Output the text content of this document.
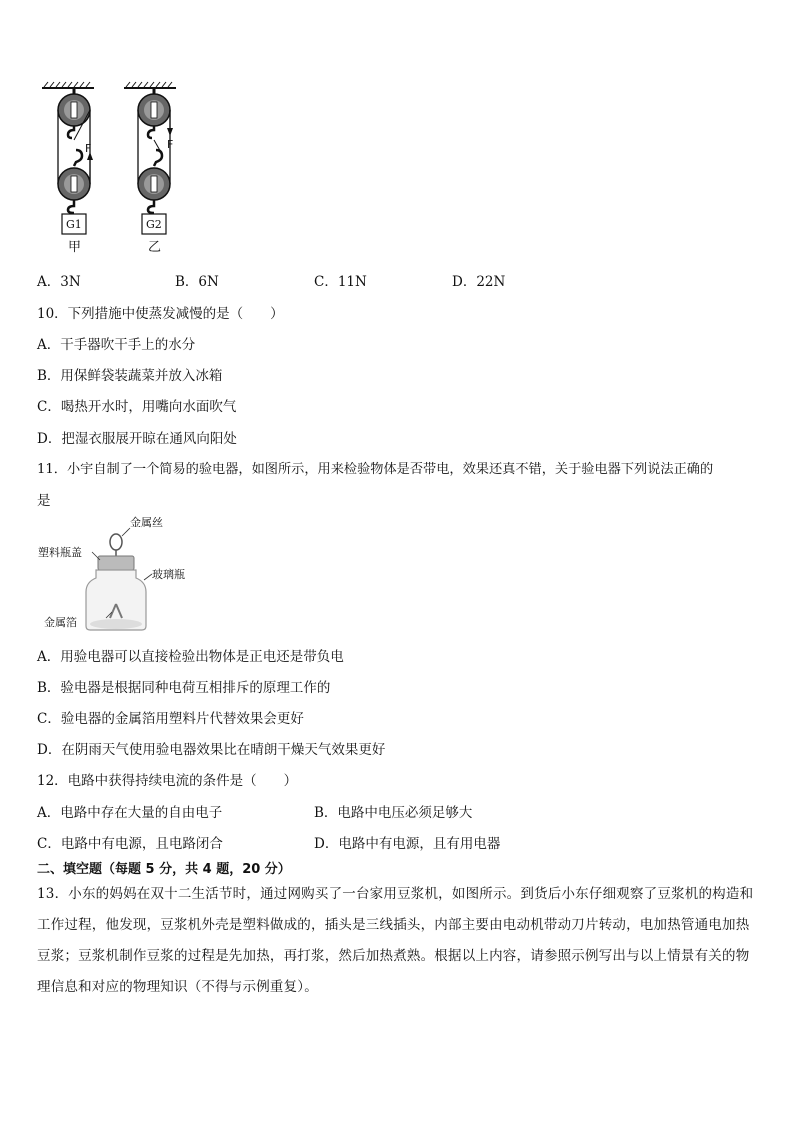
F
G1
甲
F
G2
乙
A．3N	B．6N	C．11N	D．22N
10．下列措施中使蒸发减慢的是（　　）
A．干手器吹干手上的水分
B．用保鲜袋装蔬菜并放入冰箱
C．喝热开水时，用嘴向水面吹气
D．把湿衣服展开晾在通风向阳处
11．小宇自制了一个简易的验电器，如图所示，用来检验物体是否带电，效果还真不错，关于验电器下列说法正确的
是
金属丝
塑料瓶盖
玻璃瓶
金属箔
A．用验电器可以直接检验出物体是正电还是带负电
B．验电器是根据同种电荷互相排斥的原理工作的
C．验电器的金属箔用塑料片代替效果会更好
D．在阴雨天气使用验电器效果比在晴朗干燥天气效果更好
12．电路中获得持续电流的条件是（　　）
A．电路中存在大量的自由电子	B．电路中电压必须足够大
C．电路中有电源，且电路闭合	D．电路中有电源，且有用电器
二、填空题（每题 5 分，共 4 题，20 分）
13．小东的妈妈在双十二生活节时，通过网购买了一台家用豆浆机，如图所示。到货后小东仔细观察了豆浆机的构造和工作过程，他发现，豆浆机外壳是塑料做成的，插头是三线插头，内部主要由电动机带动刀片转动，电加热管通电加热豆浆；豆浆机制作豆浆的过程是先加热，再打浆，然后加热煮熟。根据以上内容，请参照示例写出与以上情景有关的物理信息和对应的物理知识（不得与示例重复）。
